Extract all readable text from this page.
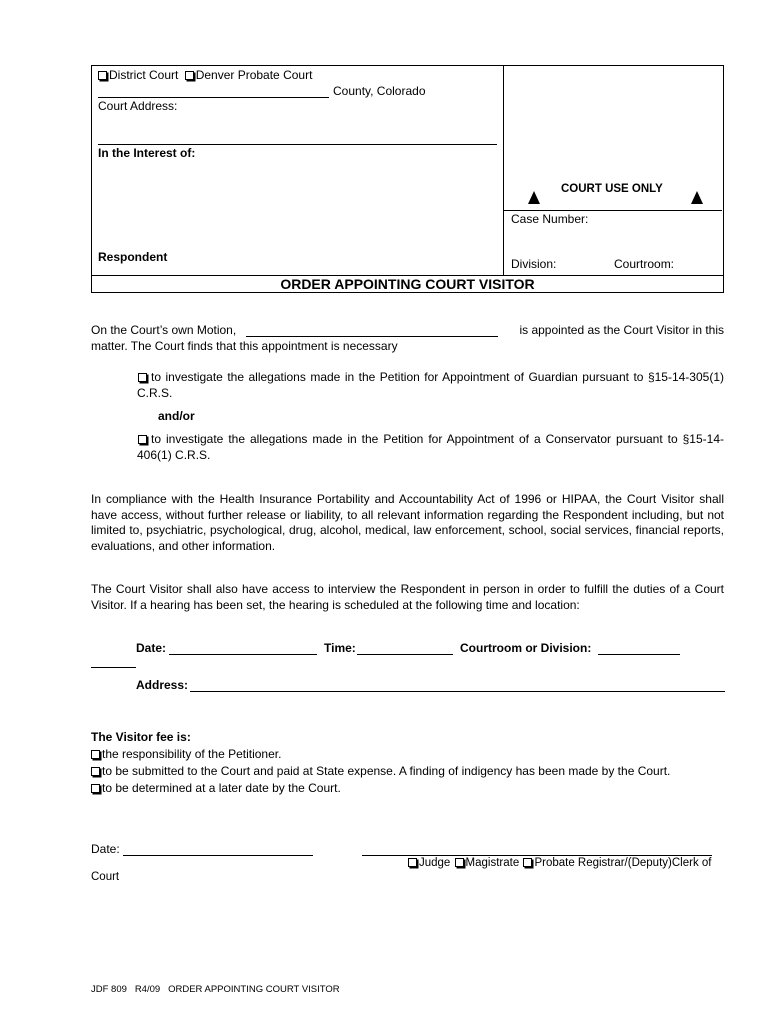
District Court Denver Probate Court
County, Colorado
Court Address:
In the Interest of:
Respondent
COURT USE ONLY
Case Number:
Division:	Courtroom:
ORDER APPOINTING COURT VISITOR
On the Court’s own Motion,	is appointed as the Court Visitor in this
matter. The Court finds that this appointment is necessary
to investigate the allegations made in the Petition for Appointment of Guardian pursuant to §15-14-305(1) C.R.S.
and/or
to investigate the allegations made in the Petition for Appointment of a Conservator pursuant to §15-14-406(1) C.R.S.
In compliance with the Health Insurance Portability and Accountability Act of 1996 or HIPAA, the Court Visitor shall have access, without further release or liability, to all relevant information regarding the Respondent including, but not limited to, psychiatric, psychological, drug, alcohol, medical, law enforcement, school, social services, financial reports, evaluations, and other information.
The Court Visitor shall also have access to interview the Respondent in person in order to fulfill the duties of a Court Visitor. If a hearing has been set, the hearing is scheduled at the following time and location:
Date:	Time:	Courtroom or Division:
Address:
The Visitor fee is:
the responsibility of the Petitioner.
to be submitted to the Court and paid at State expense. A finding of indigency has been made by the Court.
to be determined at a later date by the Court.
Date:
Judge Magistrate Probate Registrar/(Deputy)Clerk of
Court
JDF 809   R4/09   ORDER APPOINTING COURT VISITOR
